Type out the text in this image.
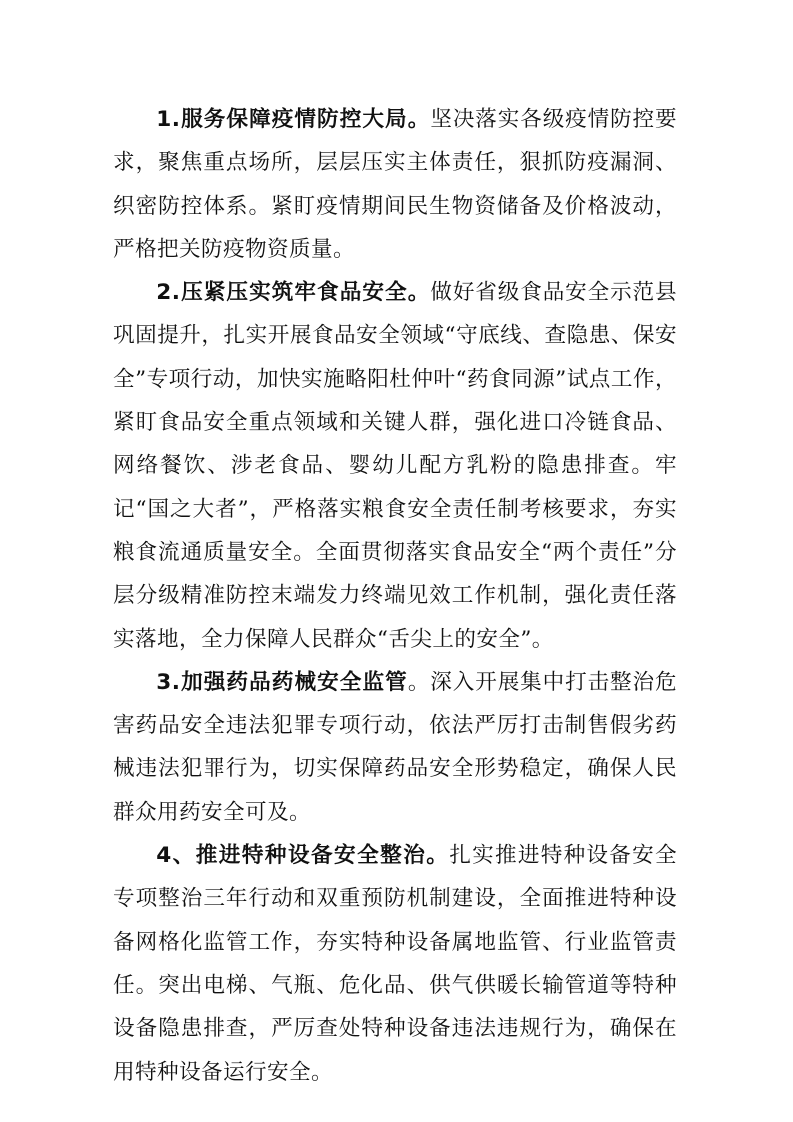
1.服务保障疫情防控大局。坚决落实各级疫情防控要求，聚焦重点场所，层层压实主体责任，狠抓防疫漏洞、织密防控体系。紧盯疫情期间民生物资储备及价格波动，严格把关防疫物资质量。

2.压紧压实筑牢食品安全。做好省级食品安全示范县巩固提升，扎实开展食品安全领域“守底线、查隐患、保安全”专项行动，加快实施略阳杜仲叶“药食同源”试点工作，紧盯食品安全重点领域和关键人群，强化进口冷链食品、网络餐饮、涉老食品、婴幼儿配方乳粉的隐患排查。牢记“国之大者”，严格落实粮食安全责任制考核要求，夯实粮食流通质量安全。全面贯彻落实食品安全“两个责任”分层分级精准防控末端发力终端见效工作机制，强化责任落实落地，全力保障人民群众“舌尖上的安全”。

3.加强药品药械安全监管。深入开展集中打击整治危害药品安全违法犯罪专项行动，依法严厉打击制售假劣药械违法犯罪行为，切实保障药品安全形势稳定，确保人民群众用药安全可及。

4、推进特种设备安全整治。扎实推进特种设备安全专项整治三年行动和双重预防机制建设，全面推进特种设备网格化监管工作，夯实特种设备属地监管、行业监管责任。突出电梯、气瓶、危化品、供气供暖长输管道等特种设备隐患排查，严厉查处特种设备违法违规行为，确保在用特种设备运行安全。
